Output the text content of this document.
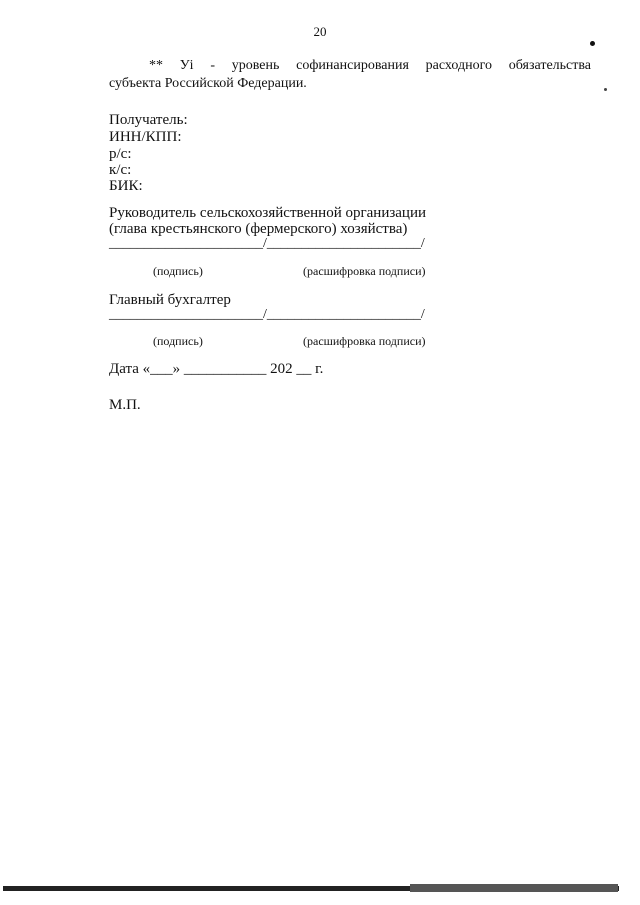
20
** Уi - уровень софинансирования расходного обязательства
субъекта Российской Федерации.
Получатель:
ИНН/КПП:
р/с:
к/с:
БИК:
Руководитель сельскохозяйственной организации
(глава крестьянского (фермерского) хозяйства)
______________________/______________________/
(подпись)	(расшифровка подписи)
Главный бухгалтер
______________________/______________________/
(подпись)	(расшифровка подписи)
Дата «___» ___________ 202 __ г.
М.П.
